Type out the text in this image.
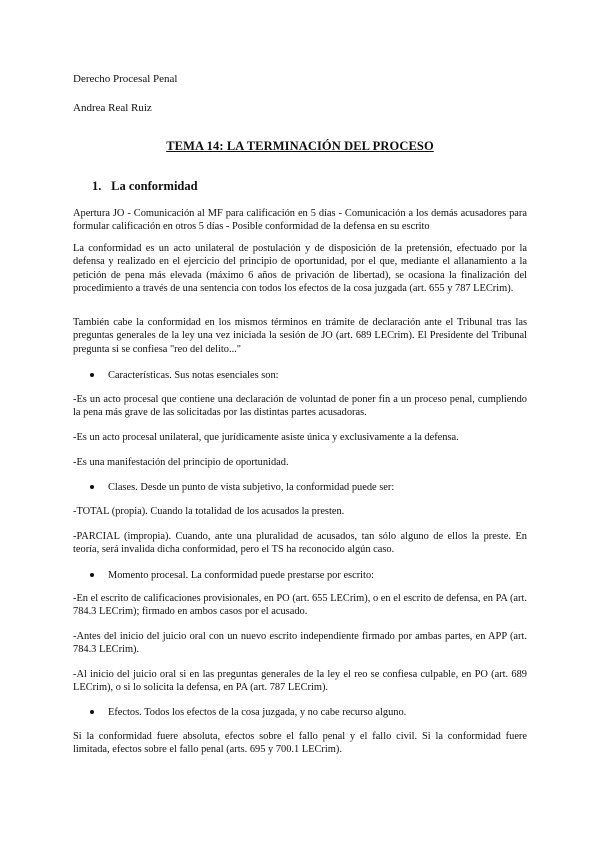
Derecho Procesal Penal
Andrea Real Ruiz
TEMA 14: LA TERMINACIÓN DEL PROCESO
1. La conformidad
Apertura JO - Comunicación al MF para calificación en 5 días - Comunicación a los demás acusadores para formular calificación en otros 5 días - Posible conformidad de la defensa en su escrito
La conformidad es un acto unilateral de postulación y de disposición de la pretensión, efectuado por la defensa y realizado en el ejercicio del principio de oportunidad, por el que, mediante el allanamiento a la petición de pena más elevada (máximo 6 años de privación de libertad), se ocasiona la finalización del procedimiento a través de una sentencia con todos los efectos de la cosa juzgada (art. 655 y 787 LECrim).
También cabe la conformidad en los mismos términos en trámite de declaración ante el Tribunal tras las preguntas generales de la ley una vez iniciada la sesión de JO (art. 689 LECrim). El Presidente del Tribunal pregunta si se confiesa "reo del delito..."
Características. Sus notas esenciales son:
-Es un acto procesal que contiene una declaración de voluntad de poner fin a un proceso penal, cumpliendo la pena más grave de las solicitadas por las distintas partes acusadoras.
-Es un acto procesal unilateral, que jurídicamente asiste única y exclusivamente a la defensa.
-Es una manifestación del principio de oportunidad.
Clases. Desde un punto de vista subjetivo, la conformidad puede ser:
-TOTAL (propia). Cuando la totalidad de los acusados la presten.
-PARCIAL (impropia). Cuando, ante una pluralidad de acusados, tan sólo alguno de ellos la preste. En teoría, será invalida dicha conformidad, pero el TS ha reconocido algún caso.
Momento procesal. La conformidad puede prestarse por escrito:
-En el escrito de calificaciones provisionales, en PO (art. 655 LECrim), o en el escrito de defensa, en PA (art. 784.3 LECrim); firmado en ambos casos por el acusado.
-Antes del inicio del juicio oral con un nuevo escrito independiente firmado por ambas partes, en APP (art. 784.3 LECrim).
-Al inicio del juicio oral si en las preguntas generales de la ley el reo se confiesa culpable, en PO (art. 689 LECrim), o si lo solicita la defensa, en PA (art. 787 LECrim).
Efectos. Todos los efectos de la cosa juzgada, y no cabe recurso alguno.
Si la conformidad fuere absoluta, efectos sobre el fallo penal y el fallo civil. Si la conformidad fuere limitada, efectos sobre el fallo penal (arts. 695 y 700.1 LECrim).
